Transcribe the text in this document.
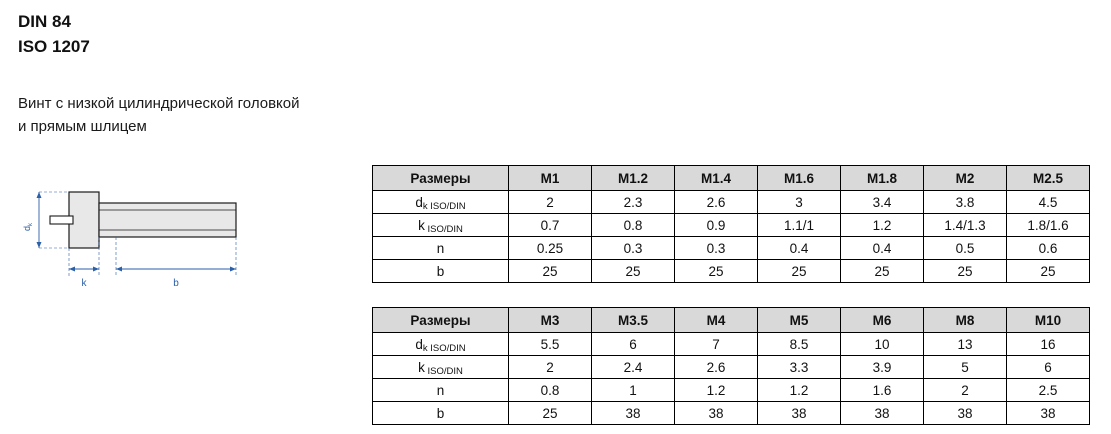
DIN 84
ISO 1207
Винт с низкой цилиндрической головкой
и прямым шлицем
$d_k$
k	b
Размеры	M1	M1.2	M1.4	M1.6	M1.8	M2	M2.5
dk ISO/DIN	2	2.3	2.6	3	3.4	3.8	4.5
k ISO/DIN	0.7	0.8	0.9	1.1/1	1.2	1.4/1.3	1.8/1.6
n	0.25	0.3	0.3	0.4	0.4	0.5	0.6
b	25	25	25	25	25	25	25
Размеры	M3	M3.5	M4	M5	M6	M8	M10
dk ISO/DIN	5.5	6	7	8.5	10	13	16
k ISO/DIN	2	2.4	2.6	3.3	3.9	5	6
n	0.8	1	1.2	1.2	1.6	2	2.5
b	25	38	38	38	38	38	38
